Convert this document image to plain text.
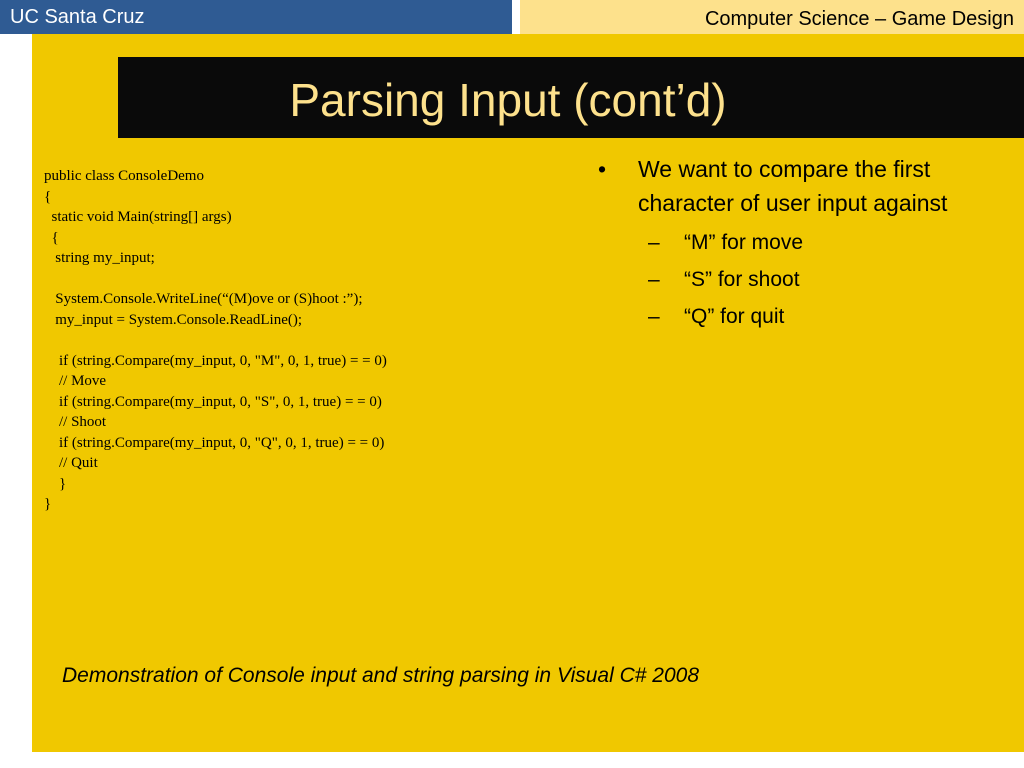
UC Santa Cruz	Computer Science – Game Design
Parsing Input (cont’d)
public class ConsoleDemo
{
static void Main(string[] args)
{
string my_input;

System.Console.WriteLine(“(M)ove or (S)hoot :”);
my_input = System.Console.ReadLine();

if (string.Compare(my_input, 0, "M", 0, 1, true) = = 0)
// Move
if (string.Compare(my_input, 0, "S", 0, 1, true) = = 0)
// Shoot
if (string.Compare(my_input, 0, "Q", 0, 1, true) = = 0)
// Quit
}
}
• We want to compare the first character of user input against
– “M” for move
– “S” for shoot
– “Q” for quit
Demonstration of Console input and string parsing in Visual C# 2008
